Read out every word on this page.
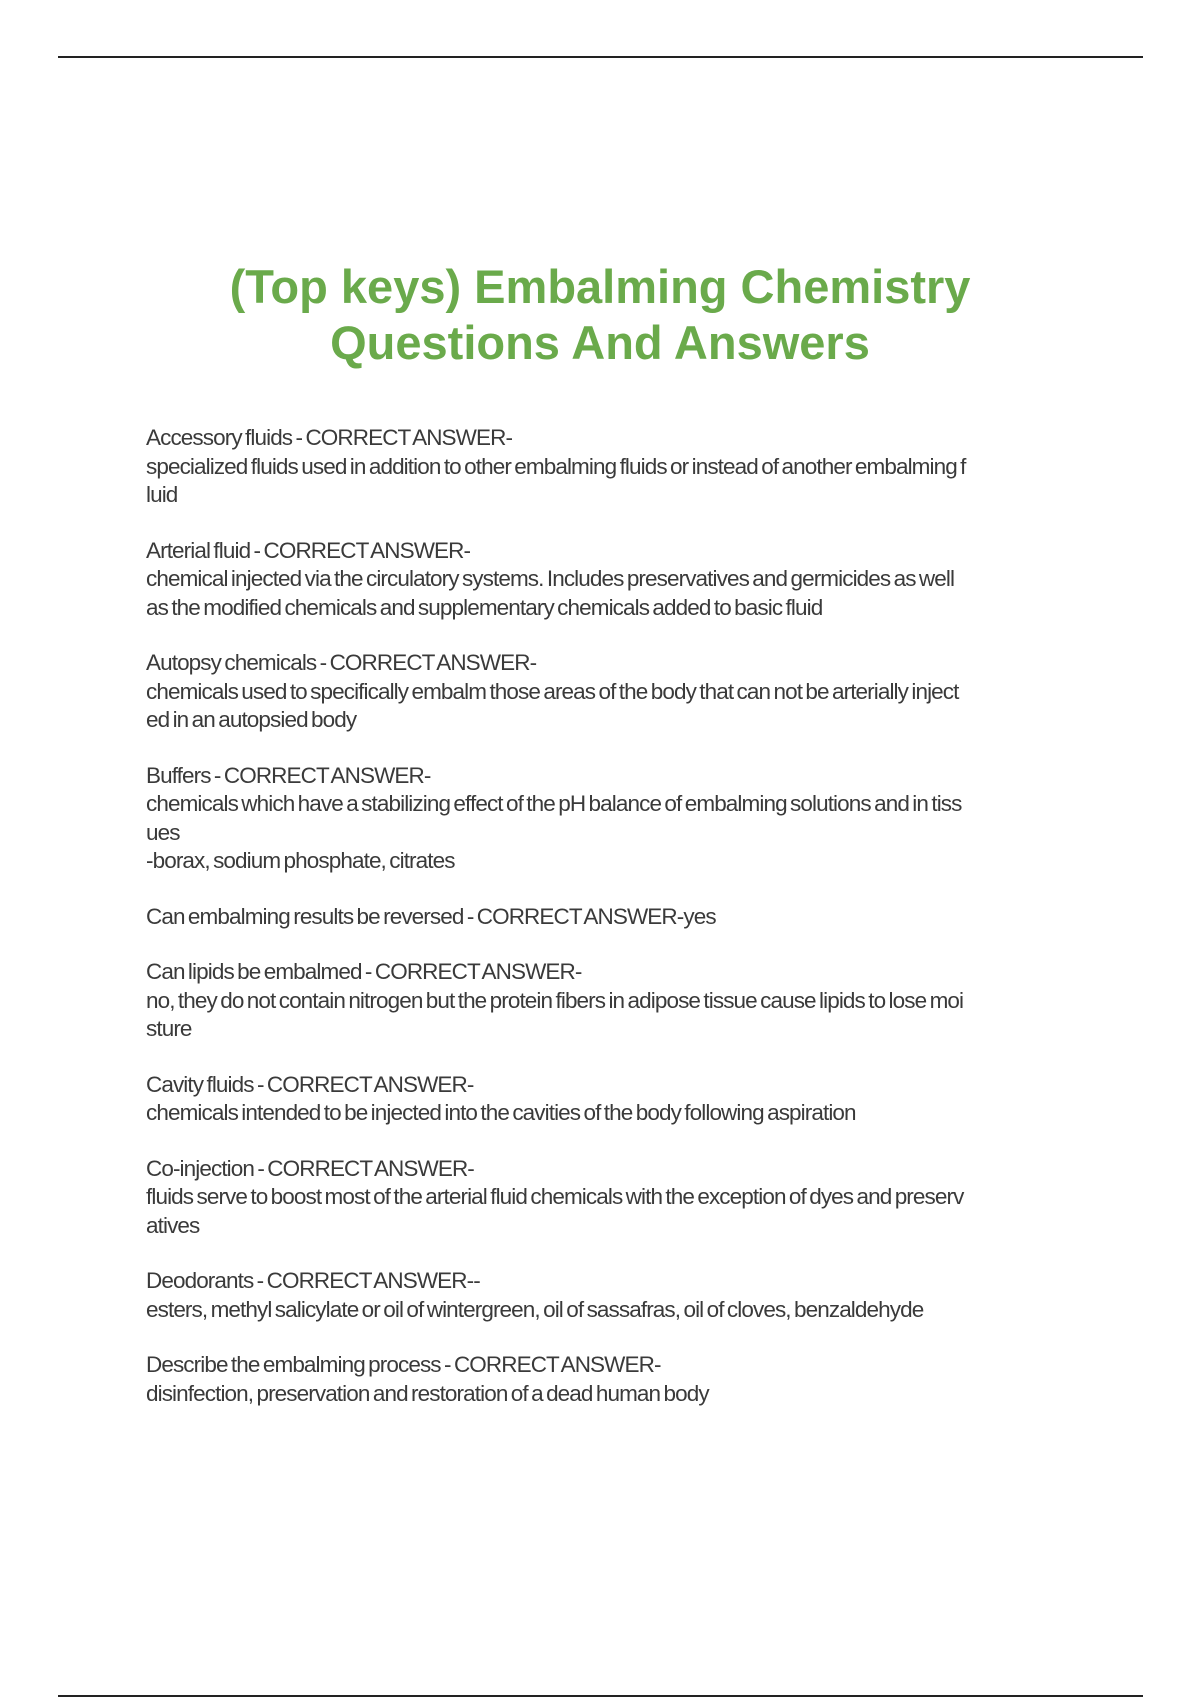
(Top keys) Embalming Chemistry
Questions And Answers
Accessory fluids - CORRECT ANSWER-
specialized fluids used in addition to other embalming fluids or instead of another embalming f
luid
Arterial fluid - CORRECT ANSWER-
chemical injected via the circulatory systems. Includes preservatives and germicides as well
as the modified chemicals and supplementary chemicals added to basic fluid
Autopsy chemicals - CORRECT ANSWER-
chemicals used to specifically embalm those areas of the body that can not be arterially inject
ed in an autopsied body
Buffers - CORRECT ANSWER-
chemicals which have a stabilizing effect of the pH balance of embalming solutions and in tiss
ues
-borax, sodium phosphate, citrates
Can embalming results be reversed - CORRECT ANSWER-yes
Can lipids be embalmed - CORRECT ANSWER-
no, they do not contain nitrogen but the protein fibers in adipose tissue cause lipids to lose moi
sture
Cavity fluids - CORRECT ANSWER-
chemicals intended to be injected into the cavities of the body following aspiration
Co-injection - CORRECT ANSWER-
fluids serve to boost most of the arterial fluid chemicals with the exception of dyes and preserv
atives
Deodorants - CORRECT ANSWER--
esters, methyl salicylate or oil of wintergreen, oil of sassafras, oil of cloves, benzaldehyde
Describe the embalming process - CORRECT ANSWER-
disinfection, preservation and restoration of a dead human body
